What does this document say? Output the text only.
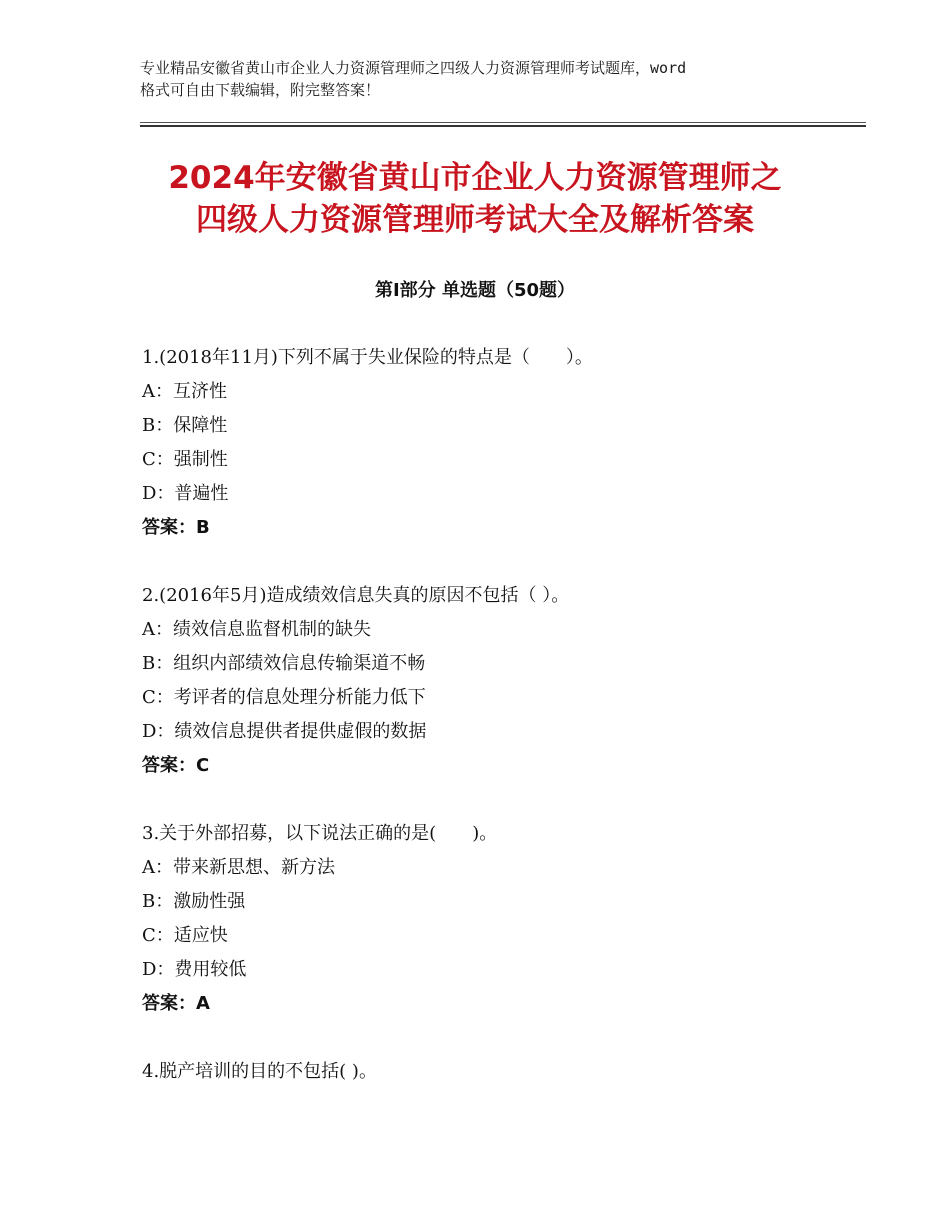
专业精品安徽省黄山市企业人力资源管理师之四级人力资源管理师考试题库，word
格式可自由下载编辑，附完整答案！
2024年安徽省黄山市企业人力资源管理师之
四级人力资源管理师考试大全及解析答案
第Ⅰ部分 单选题（50题）
1.(2018年11月)下列不属于失业保险的特点是（　　）。
A：互济性
B：保障性
C：强制性
D：普遍性
答案：B
2.(2016年5月)造成绩效信息失真的原因不包括（ ）。
A：绩效信息监督机制的缺失
B：组织内部绩效信息传输渠道不畅
C：考评者的信息处理分析能力低下
D：绩效信息提供者提供虚假的数据
答案：C
3.关于外部招募，以下说法正确的是(　　)。
A：带来新思想、新方法
B：激励性强
C：适应快
D：费用较低
答案：A
4.脱产培训的目的不包括( )。
